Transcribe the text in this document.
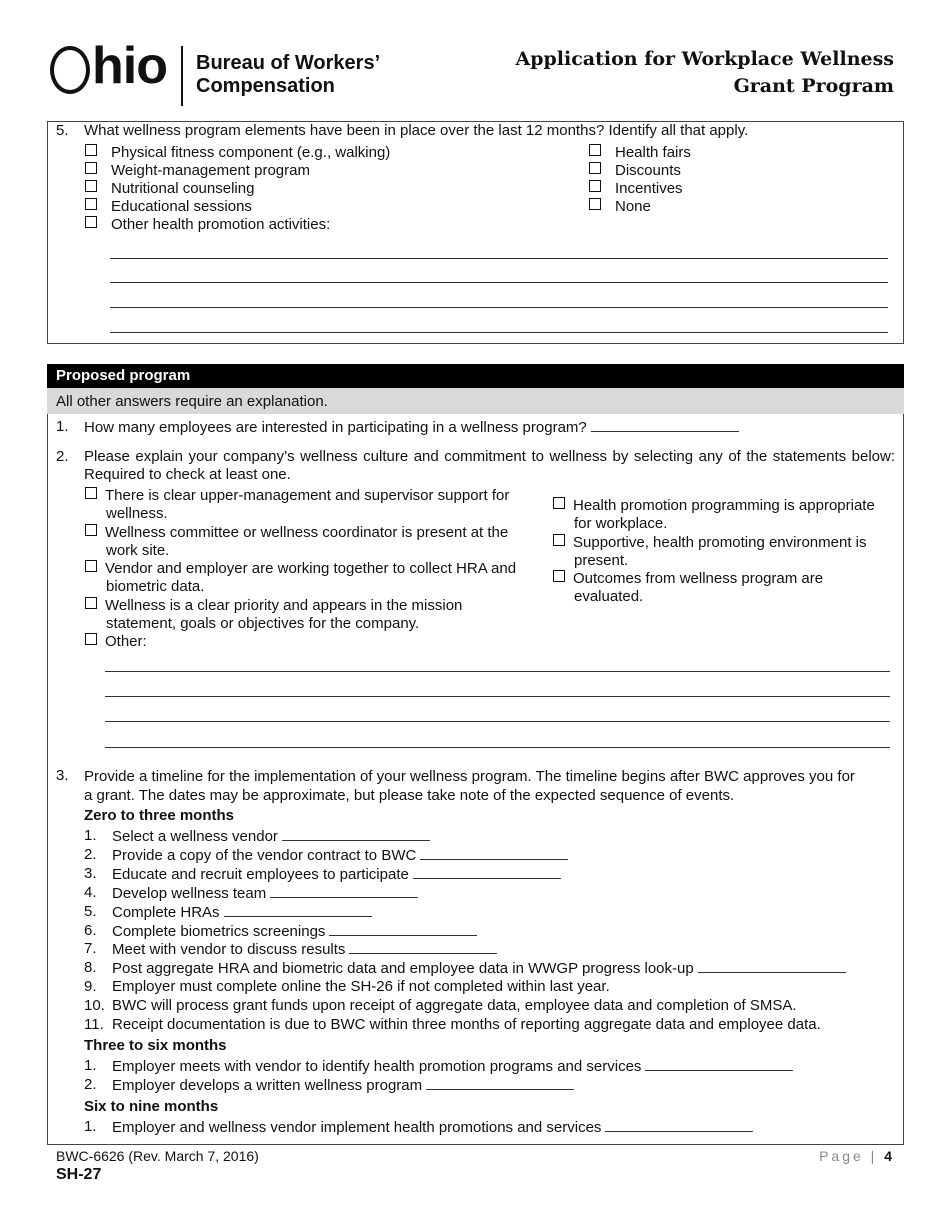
hio Bureau of Workers’
Compensation
Application for Workplace Wellness
Grant Program
5. What wellness program elements have been in place over the last 12 months? Identify all that apply.
Physical fitness component (e.g., walking)
Weight-management program
Nutritional counseling
Educational sessions
Other health promotion activities:
Health fairs
Discounts
Incentives
None
Proposed program
All other answers require an explanation.
1. How many employees are interested in participating in a wellness program?
2. Please explain your company’s wellness culture and commitment to wellness by selecting any of the statements below: Required to check at least one.
There is clear upper-management and supervisor support for
wellness.
Wellness committee or wellness coordinator is present at the
work site.
Vendor and employer are working together to collect HRA and
biometric data.
Wellness is a clear priority and appears in the mission
statement, goals or objectives for the company.
Other:
Health promotion programming is appropriate
for workplace.
Supportive, health promoting environment is
present.
Outcomes from wellness program are
evaluated.
3. Provide a timeline for the implementation of your wellness program. The timeline begins after BWC approves you for
a grant. The dates may be approximate, but please take note of the expected sequence of events.
Zero to three months
1.	Select a wellness vendor
2.	Provide a copy of the vendor contract to BWC
3.	Educate and recruit employees to participate
4.	Develop wellness team
5.	Complete HRAs
6.	Complete biometrics screenings
7.	Meet with vendor to discuss results
8.	Post aggregate HRA and biometric data and employee data in WWGP progress look-up
9.	Employer must complete online the SH-26 if not completed within last year.
10. BWC will process grant funds upon receipt of aggregate data, employee data and completion of SMSA.
11. Receipt documentation is due to BWC within three months of reporting aggregate data and employee data.
Three to six months
1.	Employer meets with vendor to identify health promotion programs and services
2.	Employer develops a written wellness program
Six to nine months
1.	Employer and wellness vendor implement health promotions and services
BWC-6626 (Rev. March 7, 2016)
SH-27
Page | 4
